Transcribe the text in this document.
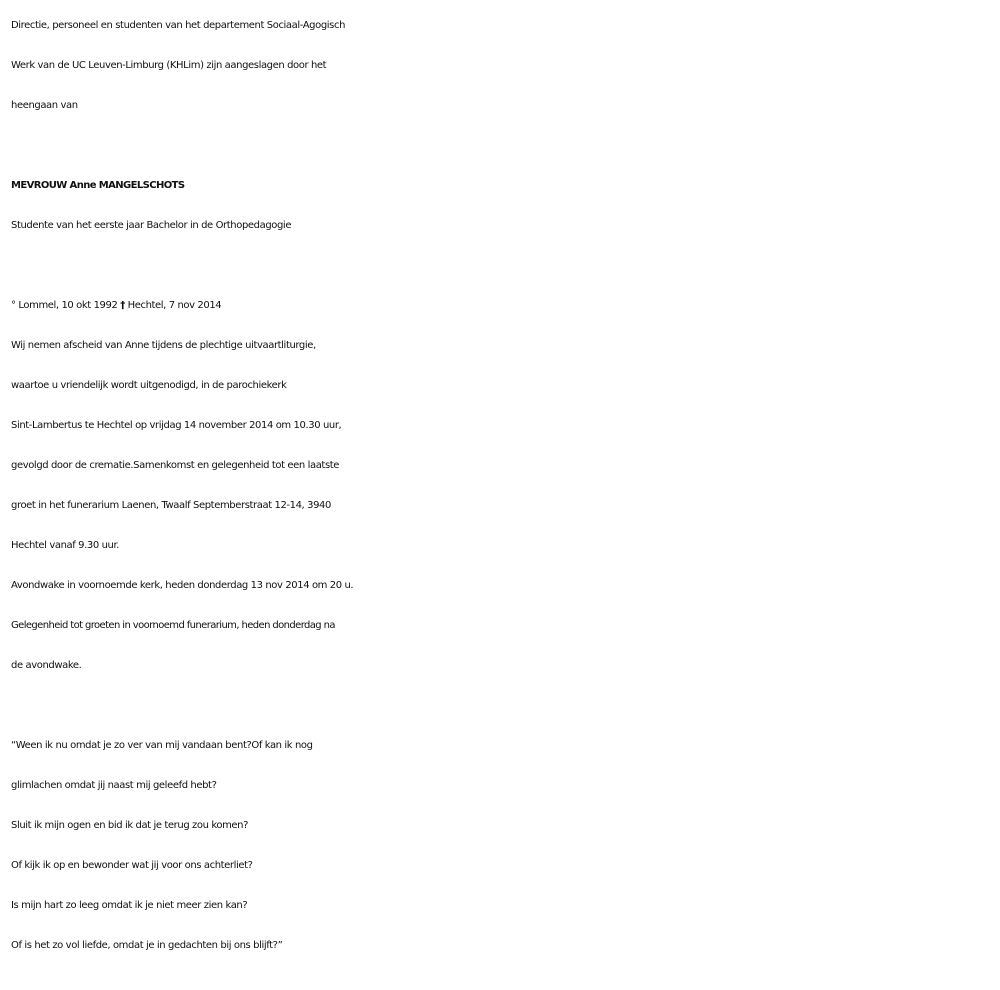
Directie, personeel en studenten van het departement Sociaal-Agogisch

Werk van de UC Leuven-Limburg (KHLim) zijn aangeslagen door het

heengaan van

MEVROUW Anne MANGELSCHOTS

Studente van het eerste jaar Bachelor in de Orthopedagogie

° Lommel, 10 okt 1992 † Hechtel, 7 nov 2014

Wij nemen afscheid van Anne tijdens de plechtige uitvaartliturgie,

waartoe u vriendelijk wordt uitgenodigd, in de parochiekerk

Sint-Lambertus te Hechtel op vrijdag 14 november 2014 om 10.30 uur,

gevolgd door de crematie.Samenkomst en gelegenheid tot een laatste

groet in het funerarium Laenen, Twaalf Septemberstraat 12-14, 3940

Hechtel vanaf 9.30 uur.

Avondwake in voornoemde kerk, heden donderdag 13 nov 2014 om 20 u.

Gelegenheid tot groeten in voornoemd funerarium, heden donderdag na

de avondwake.

“Ween ik nu omdat je zo ver van mij vandaan bent?Of kan ik nog

glimlachen omdat jij naast mij geleefd hebt?

Sluit ik mijn ogen en bid ik dat je terug zou komen?

Of kijk ik op en bewonder wat jij voor ons achterliet?

Is mijn hart zo leeg omdat ik je niet meer zien kan?

Of is het zo vol liefde, omdat je in gedachten bij ons blijft?”
